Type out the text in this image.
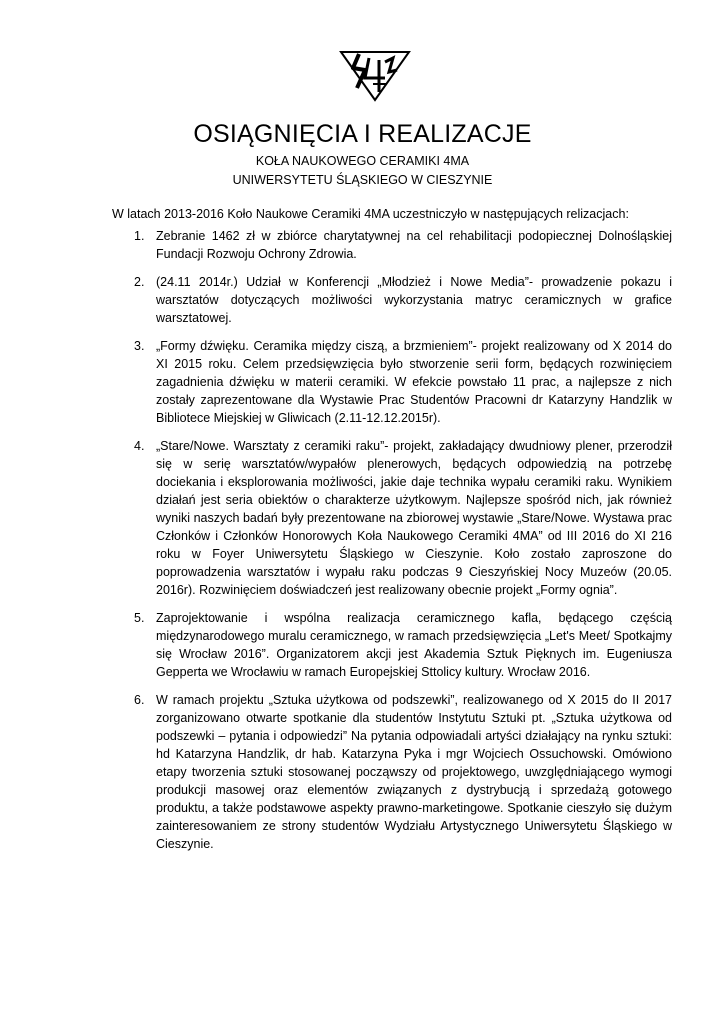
OSIĄGNIĘCIA I REALIZACJE
KOŁA NAUKOWEGO CERAMIKI 4MA
UNIWERSYTETU ŚLĄSKIEGO W CIESZYNIE
W latach 2013-2016 Koło Naukowe Ceramiki 4MA uczestniczyło w następujących relizacjach:
1. Zebranie 1462 zł w zbiórce charytatywnej na cel rehabilitacji podopiecznej Dolnośląskiej Fundacji Rozwoju Ochrony Zdrowia.
2. (24.11 2014r.) Udział w Konferencji „Młodzież i Nowe Media”- prowadzenie pokazu i warsztatów dotyczących możliwości wykorzystania matryc ceramicznych w grafice warsztatowej.
3. „Formy dźwięku. Ceramika między ciszą, a brzmieniem”- projekt realizowany od X 2014 do XI 2015 roku. Celem przedsięwzięcia było stworzenie serii form, będących rozwinięciem zagadnienia dźwięku w materii ceramiki. W efekcie powstało 11 prac, a najlepsze z nich zostały zaprezentowane dla Wystawie Prac Studentów Pracowni dr Katarzyny Handzlik w Bibliotece Miejskiej w Gliwicach (2.11-12.12.2015r).
4. „Stare/Nowe. Warsztaty z ceramiki raku”- projekt, zakładający dwudniowy plener, przerodził się w serię warsztatów/wypałów plenerowych, będących odpowiedzią na potrzebę dociekania i eksplorowania możliwości, jakie daje technika wypału ceramiki raku. Wynikiem działań jest seria obiektów o charakterze użytkowym. Najlepsze spośród nich, jak również wyniki naszych badań były prezentowane na zbiorowej wystawie „Stare/Nowe. Wystawa prac Członków i Członków Honorowych Koła Naukowego Ceramiki 4MA” od III 2016 do XI 216 roku w Foyer Uniwersytetu Śląskiego w Cieszynie. Koło zostało zaproszone do poprowadzenia warsztatów i wypału raku podczas 9 Cieszyńskiej Nocy Muzeów (20.05. 2016r). Rozwinięciem doświadczeń jest realizowany obecnie projekt „Formy ognia”.
5. Zaprojektowanie i wspólna realizacja ceramicznego kafla, będącego częścią międzynarodowego muralu ceramicznego, w ramach przedsięwzięcia „Let's Meet/ Spotkajmy się Wrocław 2016”. Organizatorem akcji jest Akademia Sztuk Pięknych im. Eugeniusza Gepperta we Wrocławiu w ramach Europejskiej Sttolicy kultury. Wrocław 2016.
6. W ramach projektu „Sztuka użytkowa od podszewki”, realizowanego od X 2015 do II 2017 zorganizowano otwarte spotkanie dla studentów Instytutu Sztuki pt. „Sztuka użytkowa od podszewki – pytania i odpowiedzi” Na pytania odpowiadali artyści działający na rynku sztuki: hd Katarzyna Handzlik, dr hab. Katarzyna Pyka i mgr Wojciech Ossuchowski. Omówiono etapy tworzenia sztuki stosowanej począwszy od projektowego, uwzględniającego wymogi produkcji masowej oraz elementów związanych z dystrybucją i sprzedażą gotowego produktu, a także podstawowe aspekty prawno-marketingowe. Spotkanie cieszyło się dużym zainteresowaniem ze strony studentów Wydziału Artystycznego Uniwersytetu Śląskiego w Cieszynie.
